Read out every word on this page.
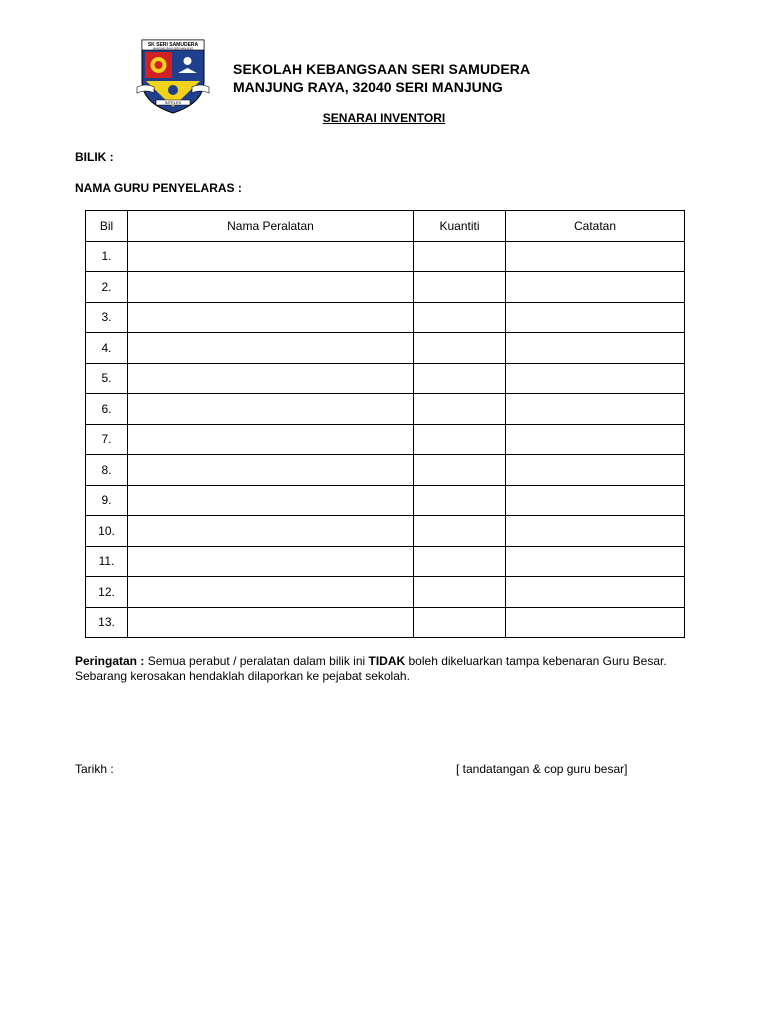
SK SERI SAMUDERA
MANJUNG RAYA SERI MANJUNG
INTELEK
SEKOLAH KEBANGSAAN SERI SAMUDERA
MANJUNG RAYA, 32040 SERI MANJUNG
SENARAI INVENTORI
BILIK :
NAMA GURU PENYELARAS :
Bil	Nama Peralatan	Kuantiti	Catatan
1.			
2.			
3.			
4.			
5.			
6.			
7.			
8.			
9.			
10.			
11.			
12.			
13.			
Peringatan : Semua perabut / peralatan dalam bilik ini TIDAK boleh dikeluarkan tampa kebenaran Guru Besar. Sebarang kerosakan hendaklah dilaporkan ke pejabat sekolah.
Tarikh :	[ tandatangan & cop guru besar]
